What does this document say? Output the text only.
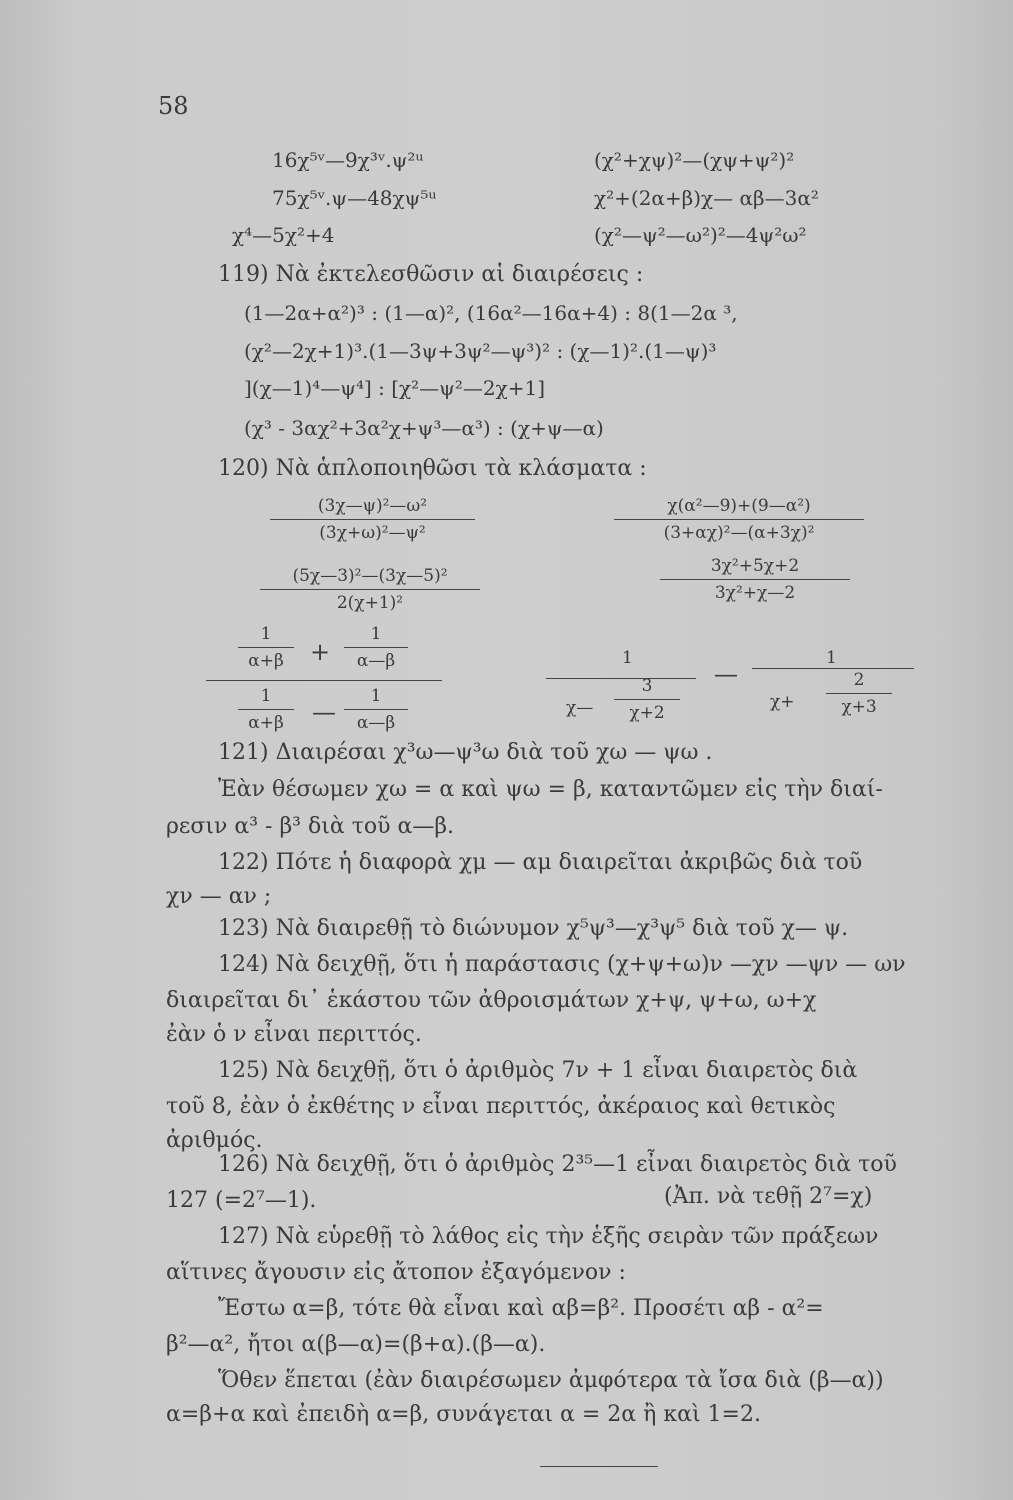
58
16χ⁵ᵛ—9χ³ᵛ.ψ²ᵘ	(χ²+χψ)²—(χψ+ψ²)²
75χ⁵ᵛ.ψ—48χψ⁵ᵘ	χ²+(2α+β)χ— αβ—3α²
χ⁴—5χ²+4	(χ²—ψ²—ω²)²—4ψ²ω²
119) Νὰ ἐκτελεσθῶσιν αἱ διαιρέσεις :
(1—2α+α²)³ : (1—α)², (16α²—16α+4) : 8(1—2α ³,
(χ²—2χ+1)³.(1—3ψ+3ψ²—ψ³)² : (χ—1)².(1—ψ)³
](χ—1)⁴—ψ⁴] : [χ²—ψ²—2χ+1]
(χ³ - 3αχ²+3α²χ+ψ³—α³) : (χ+ψ—α)
120) Νὰ ἁπλοποιηθῶσι τὰ κλάσματα :
(3χ—ψ)²—ω²
(3χ+ω)²—ψ²
χ(α²—9)+(9—α²)
(3+αχ)²—(α+3χ)²
(5χ—3)²—(3χ—5)²
2(χ+1)²
3χ²+5χ+2
3χ²+χ—2
1
α+β	+
1
α—β
1
α+β	—
1
α—β
1
χ—
3
χ+2
—
1
χ+
2
χ+3
121) Διαιρέσαι χ³ω—ψ³ω διὰ τοῦ χω — ψω .
Ἐὰν θέσωμεν χω = α καὶ ψω = β, καταντῶμεν εἰς τὴν διαί-
ρεσιν α³ - β³ διὰ τοῦ α—β.
122) Πότε ἡ διαφορὰ χμ — αμ διαιρεῖται ἀκριβῶς διὰ τοῦ
χν — αν ;
123) Νὰ διαιρεθῇ τὸ διώνυμον χ⁵ψ³—χ³ψ⁵ διὰ τοῦ χ— ψ.
124) Νὰ δειχθῇ, ὅτι ἡ παράστασις (χ+ψ+ω)ν —χν —ψν — ων
διαιρεῖται δι᾿ ἑκάστου τῶν ἀθροισμάτων χ+ψ, ψ+ω, ω+χ
ἐὰν ὁ ν εἶναι περιττός.
125) Νὰ δειχθῇ, ὅτι ὁ ἀριθμὸς 7ν + 1 εἶναι διαιρετὸς διὰ
τοῦ 8, ἐὰν ὁ ἐκθέτης ν εἶναι περιττός, ἀκέραιος καὶ θετικὸς
ἀριθμός.
126) Νὰ δειχθῇ, ὅτι ὁ ἀριθμὸς 2³⁵—1 εἶναι διαιρετὸς διὰ τοῦ
127 (=2⁷—1).	(Ἀπ. νὰ τεθῇ 2⁷=χ)
127) Νὰ εὑρεθῇ τὸ λάθος εἰς τὴν ἑξῆς σειρὰν τῶν πράξεων
αἵτινες ἄγουσιν εἰς ἄτοπον ἐξαγόμενον :
Ἔστω α=β, τότε θὰ εἶναι καὶ αβ=β². Προσέτι αβ - α²=
β²—α², ἤτοι α(β—α)=(β+α).(β—α).
Ὅθεν ἕπεται (ἐὰν διαιρέσωμεν ἀμφότερα τὰ ἴσα διὰ (β—α))
α=β+α καὶ ἐπειδὴ α=β, συνάγεται α = 2α ἢ καὶ 1=2.
